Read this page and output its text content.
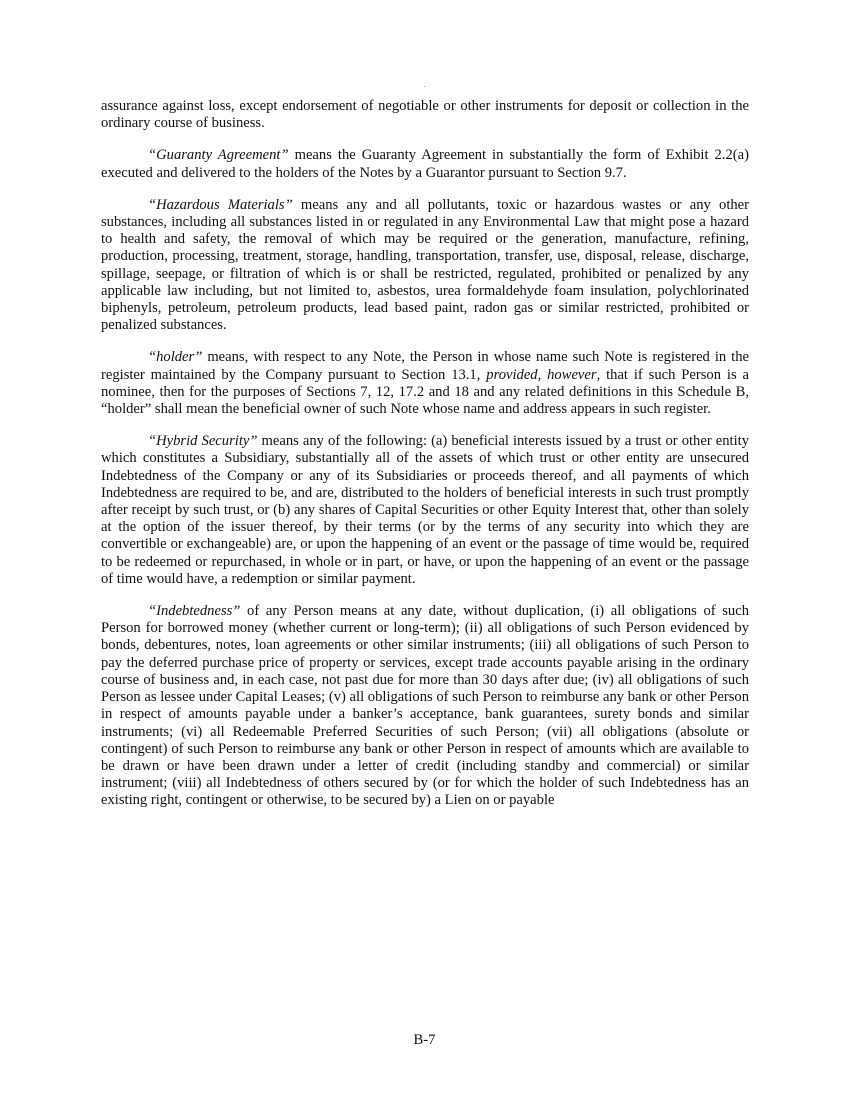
assurance against loss, except endorsement of negotiable or other instruments for deposit or collection in the ordinary course of business.

“Guaranty Agreement” means the Guaranty Agreement in substantially the form of Exhibit 2.2(a) executed and delivered to the holders of the Notes by a Guarantor pursuant to Section 9.7.

“Hazardous Materials” means any and all pollutants, toxic or hazardous wastes or any other substances, including all substances listed in or regulated in any Environmental Law that might pose a hazard to health and safety, the removal of which may be required or the generation, manufacture, refining, production, processing, treatment, storage, handling, transportation, transfer, use, disposal, release, discharge, spillage, seepage, or filtration of which is or shall be restricted, regulated, prohibited or penalized by any applicable law including, but not limited to, asbestos, urea formaldehyde foam insulation, polychlorinated biphenyls, petroleum, petroleum products, lead based paint, radon gas or similar restricted, prohibited or penalized substances.

“holder” means, with respect to any Note, the Person in whose name such Note is registered in the register maintained by the Company pursuant to Section 13.1, provided, however, that if such Person is a nominee, then for the purposes of Sections 7, 12, 17.2 and 18 and any related definitions in this Schedule B, “holder” shall mean the beneficial owner of such Note whose name and address appears in such register.

“Hybrid Security” means any of the following: (a) beneficial interests issued by a trust or other entity which constitutes a Subsidiary, substantially all of the assets of which trust or other entity are unsecured Indebtedness of the Company or any of its Subsidiaries or proceeds thereof, and all payments of which Indebtedness are required to be, and are, distributed to the holders of beneficial interests in such trust promptly after receipt by such trust, or (b) any shares of Capital Securities or other Equity Interest that, other than solely at the option of the issuer thereof, by their terms (or by the terms of any security into which they are convertible or exchangeable) are, or upon the happening of an event or the passage of time would be, required to be redeemed or repurchased, in whole or in part, or have, or upon the happening of an event or the passage of time would have, a redemption or similar payment.

“Indebtedness” of any Person means at any date, without duplication, (i) all obligations of such Person for borrowed money (whether current or long-term); (ii) all obligations of such Person evidenced by bonds, debentures, notes, loan agreements or other similar instruments; (iii) all obligations of such Person to pay the deferred purchase price of property or services, except trade accounts payable arising in the ordinary course of business and, in each case, not past due for more than 30 days after due; (iv) all obligations of such Person as lessee under Capital Leases; (v) all obligations of such Person to reimburse any bank or other Person in respect of amounts payable under a banker’s acceptance, bank guarantees, surety bonds and similar instruments; (vi) all Redeemable Preferred Securities of such Person; (vii) all obligations (absolute or contingent) of such Person to reimburse any bank or other Person in respect of amounts which are available to be drawn or have been drawn under a letter of credit (including standby and commercial) or similar instrument; (viii) all Indebtedness of others secured by (or for which the holder of such Indebtedness has an existing right, contingent or otherwise, to be secured by) a Lien on or payable

B-7
